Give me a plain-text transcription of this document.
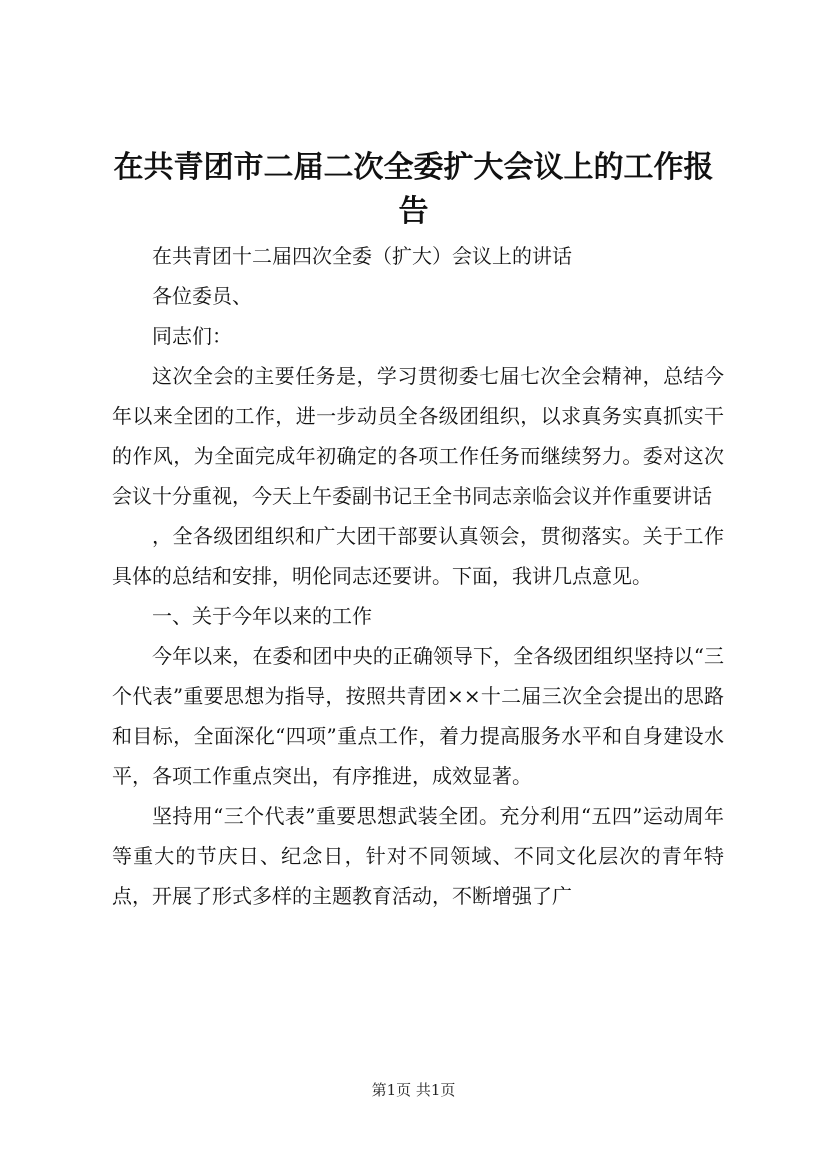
在共青团市二届二次全委扩大会议上的工作报告

在共青团十二届四次全委（扩大）会议上的讲话

各位委员、

同志们：

这次全会的主要任务是，学习贯彻委七届七次全会精神，总结今年以来全团的工作，进一步动员全各级团组织，以求真务实真抓实干的作风，为全面完成年初确定的各项工作任务而继续努力。委对这次会议十分重视，今天上午委副书记王全书同志亲临会议并作重要讲话

，全各级团组织和广大团干部要认真领会，贯彻落实。关于工作具体的总结和安排，明伦同志还要讲。下面，我讲几点意见。

一、关于今年以来的工作

今年以来，在委和团中央的正确领导下，全各级团组织坚持以“三个代表”重要思想为指导，按照共青团××十二届三次全会提出的思路和目标，全面深化“四项”重点工作，着力提高服务水平和自身建设水平，各项工作重点突出，有序推进，成效显著。

坚持用“三个代表”重要思想武装全团。充分利用“五四”运动周年等重大的节庆日、纪念日，针对不同领域、不同文化层次的青年特点，开展了形式多样的主题教育活动，不断增强了广

第1页 共1页
